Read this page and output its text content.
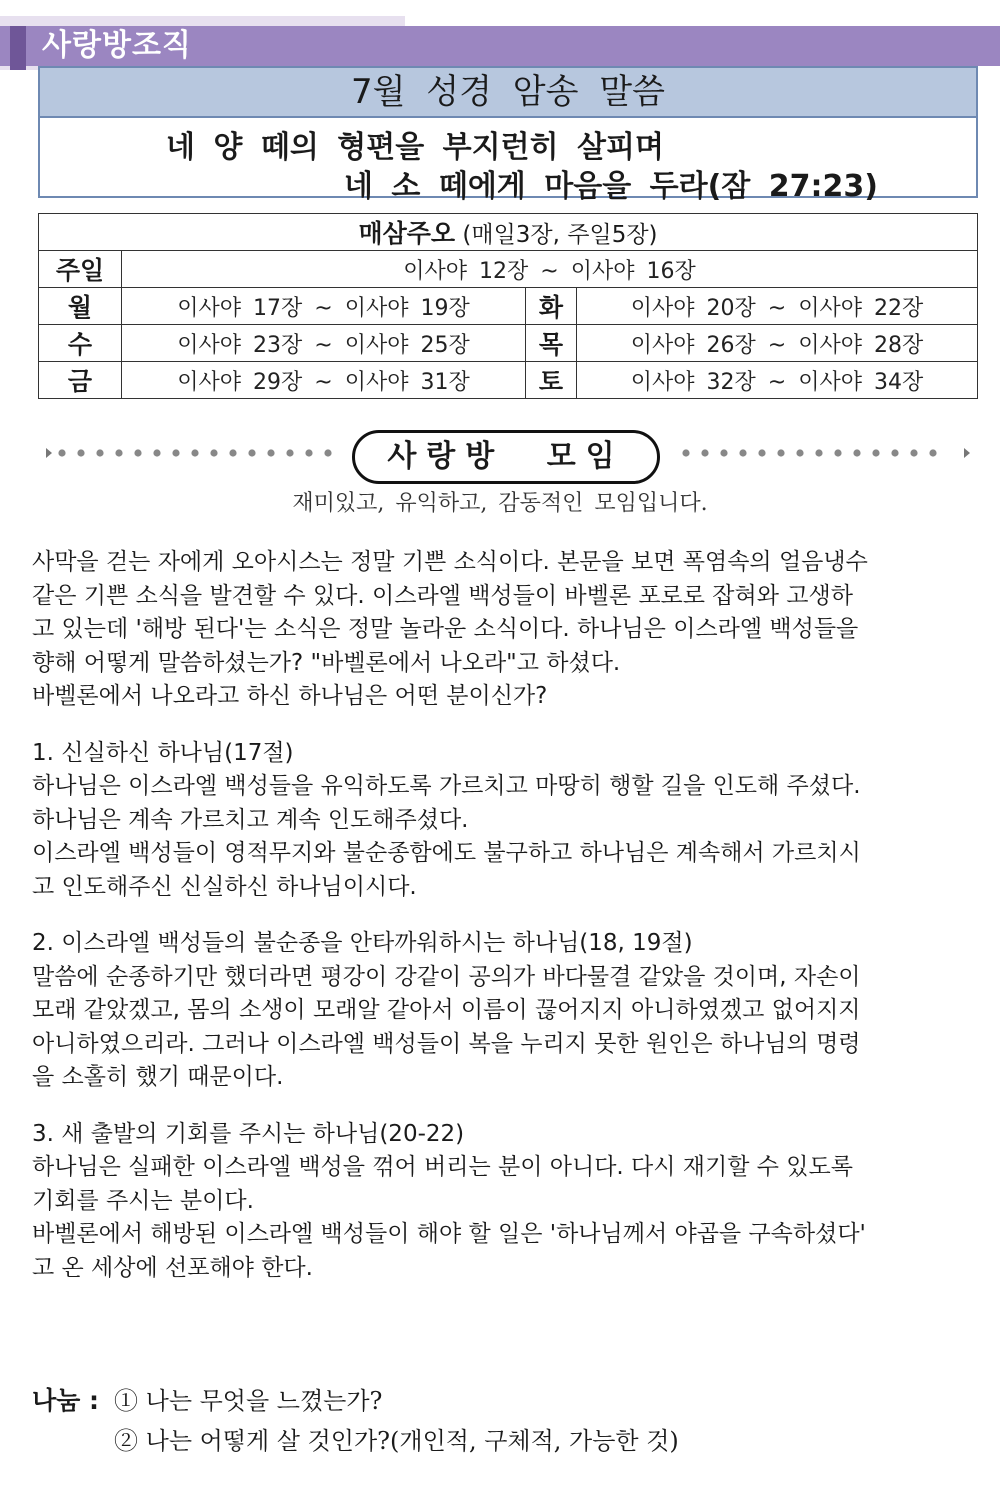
사랑방조직
7월 성경 암송 말씀
네 양 떼의 형편을 부지런히 살피며
네 소 떼에게 마음을 두라(잠 27:23)
매삼주오 (매일3장, 주일5장)			
주일	이사야 12장 ~ 이사야 16장		
월	이사야 17장 ~ 이사야 19장	화	이사야 20장 ~ 이사야 22장
수	이사야 23장 ~ 이사야 25장	목	이사야 26장 ~ 이사야 28장
금	이사야 29장 ~ 이사야 31장	토	이사야 32장 ~ 이사야 34장
사랑방 모임
재미있고, 유익하고, 감동적인 모임입니다.
사막을 걷는 자에게 오아시스는 정말 기쁜 소식이다. 본문을 보면 폭염속의 얼음냉수
같은 기쁜 소식을 발견할 수 있다. 이스라엘 백성들이 바벨론 포로로 잡혀와 고생하
고 있는데 '해방 된다'는 소식은 정말 놀라운 소식이다. 하나님은 이스라엘 백성들을
향해 어떻게 말씀하셨는가? "바벨론에서 나오라"고 하셨다.
바벨론에서 나오라고 하신 하나님은 어떤 분이신가?
1. 신실하신 하나님(17절)
하나님은 이스라엘 백성들을 유익하도록 가르치고 마땅히 행할 길을 인도해 주셨다.
하나님은 계속 가르치고 계속 인도해주셨다.
이스라엘 백성들이 영적무지와 불순종함에도 불구하고 하나님은 계속해서 가르치시
고 인도해주신 신실하신 하나님이시다.
2. 이스라엘 백성들의 불순종을 안타까워하시는 하나님(18, 19절)
말씀에 순종하기만 했더라면 평강이 강같이 공의가 바다물결 같았을 것이며, 자손이
모래 같았겠고, 몸의 소생이 모래알 같아서 이름이 끊어지지 아니하였겠고 없어지지
아니하였으리라. 그러나 이스라엘 백성들이 복을 누리지 못한 원인은 하나님의 명령
을 소홀히 했기 때문이다.
3. 새 출발의 기회를 주시는 하나님(20-22)
하나님은 실패한 이스라엘 백성을 꺾어 버리는 분이 아니다. 다시 재기할 수 있도록
기회를 주시는 분이다.
바벨론에서 해방된 이스라엘 백성들이 해야 할 일은 '하나님께서 야곱을 구속하셨다'
고 온 세상에 선포해야 한다.
나눔 : ① 나는 무엇을 느꼈는가?
② 나는 어떻게 살 것인가?(개인적, 구체적, 가능한 것)
